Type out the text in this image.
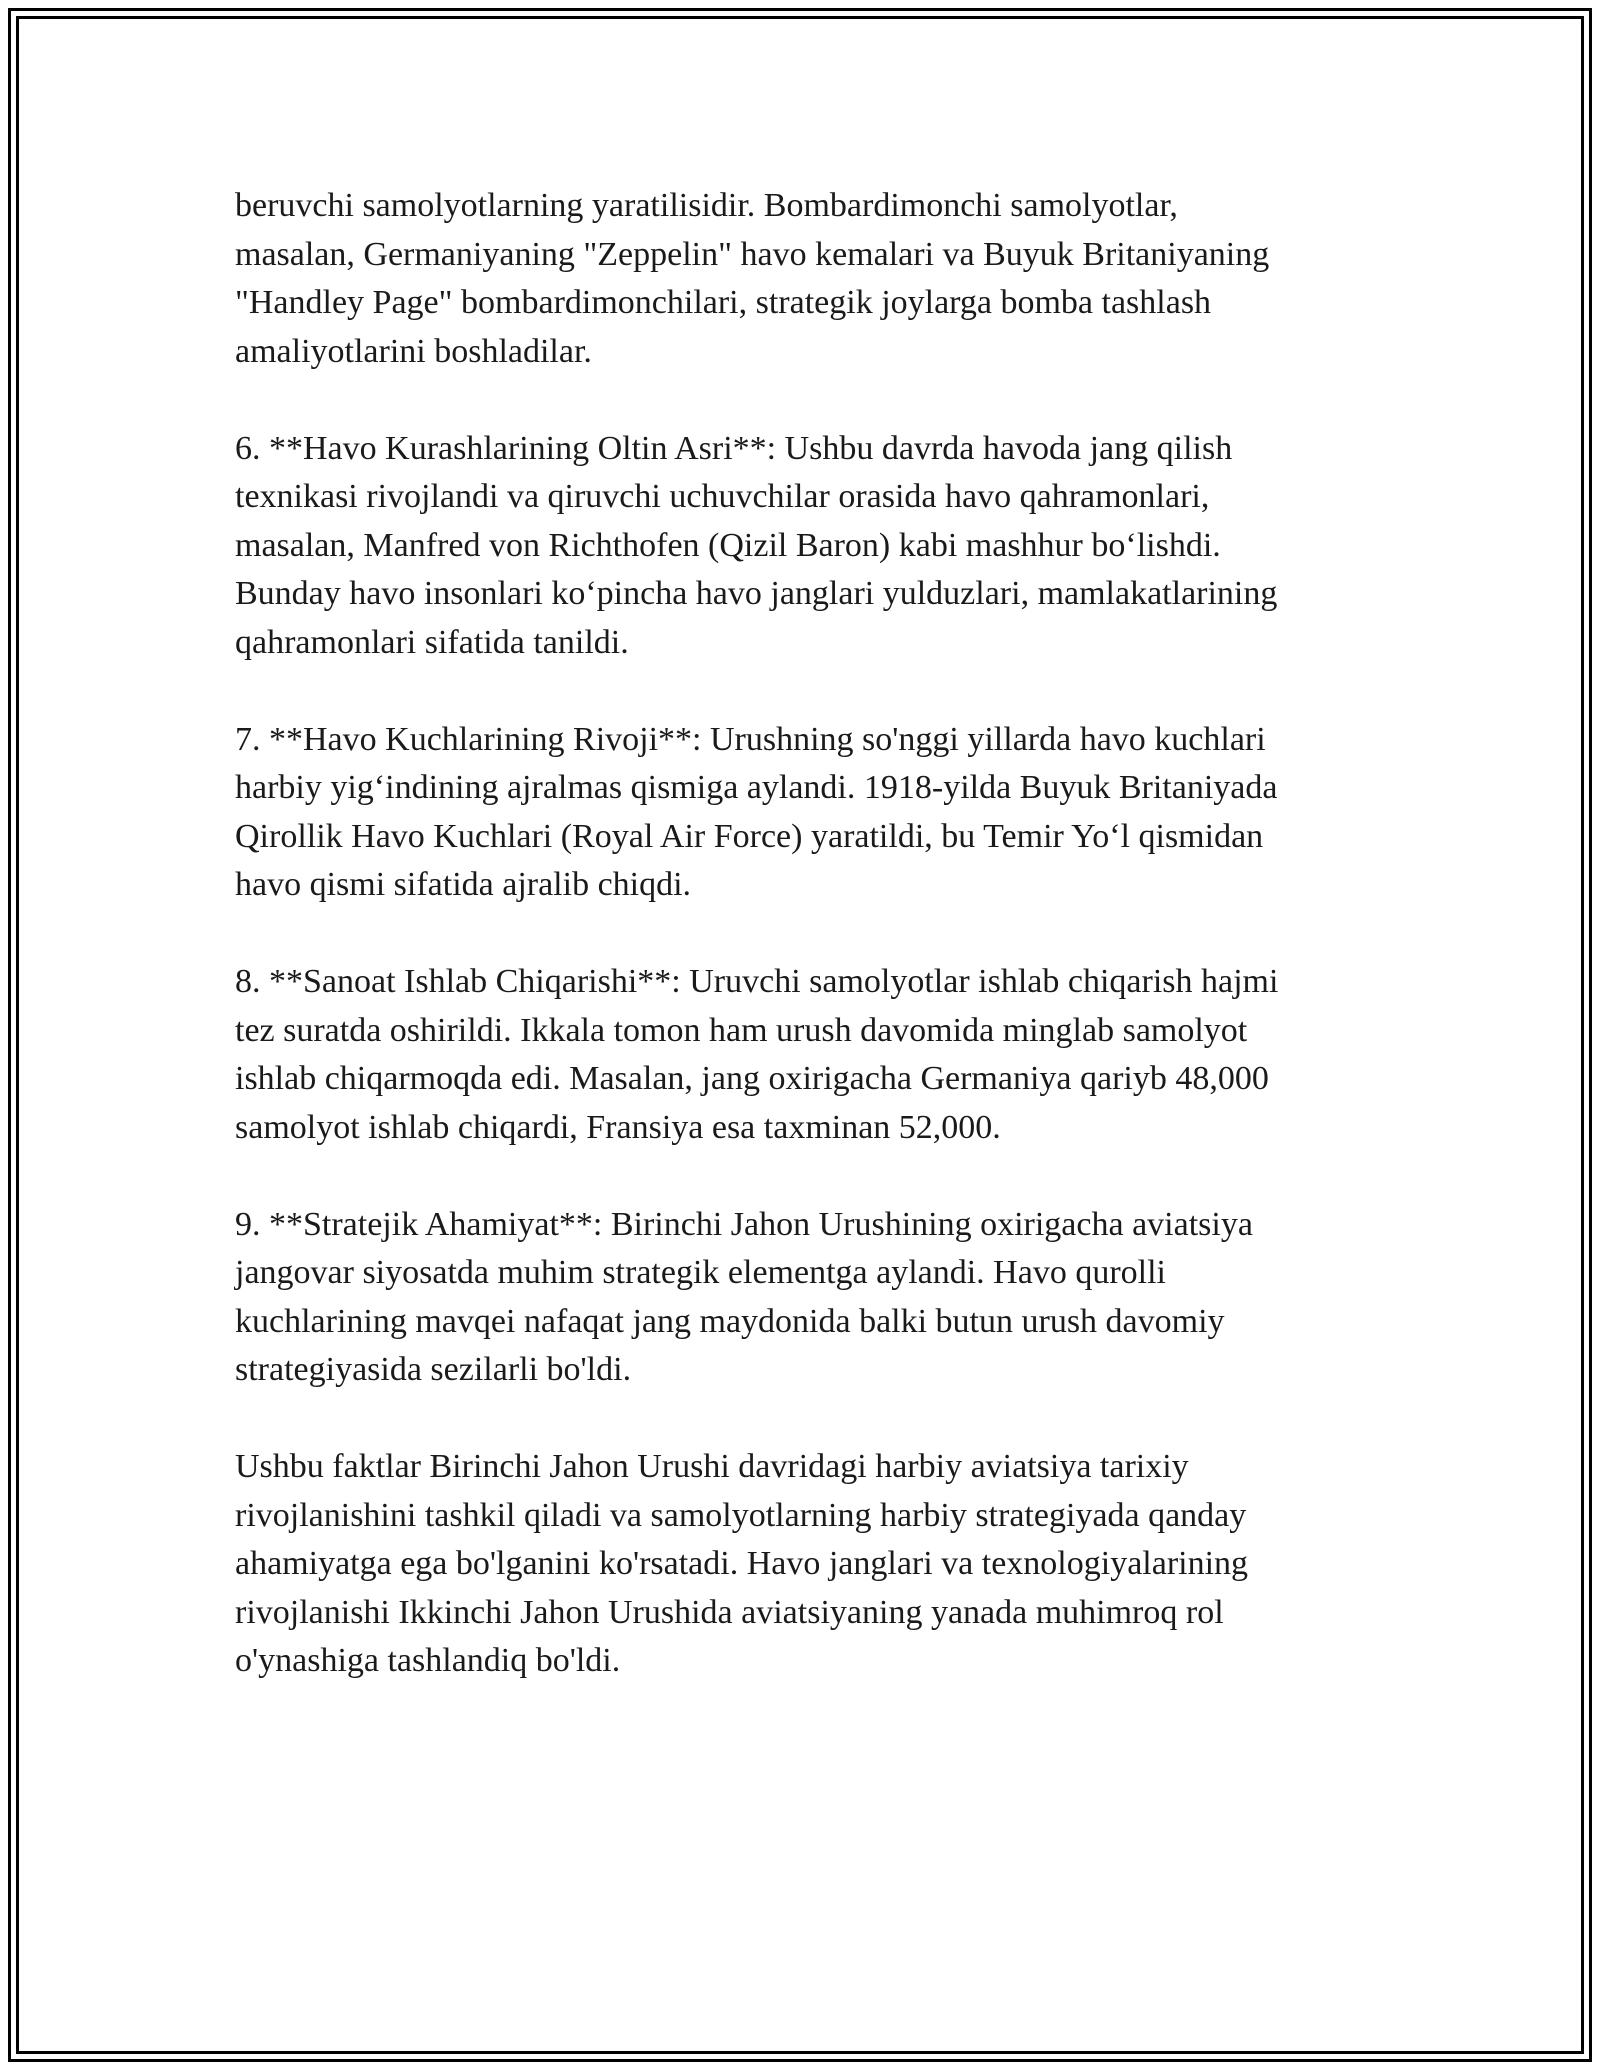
beruvchi samolyotlarning yaratilisidir. Bombardimonchi samolyotlar,
masalan, Germaniyaning "Zeppelin" havo kemalari va Buyuk Britaniyaning
"Handley Page" bombardimonchilari, strategik joylarga bomba tashlash
amaliyotlarini boshladilar.

6. **Havo Kurashlarining Oltin Asri**: Ushbu davrda havoda jang qilish
texnikasi rivojlandi va qiruvchi uchuvchilar orasida havo qahramonlari,
masalan, Manfred von Richthofen (Qizil Baron) kabi mashhur bo‘lishdi.
Bunday havo insonlari ko‘pincha havo janglari yulduzlari, mamlakatlarining
qahramonlari sifatida tanildi.

7. **Havo Kuchlarining Rivoji**: Urushning so'nggi yillarda havo kuchlari
harbiy yig‘indining ajralmas qismiga aylandi. 1918-yilda Buyuk Britaniyada
Qirollik Havo Kuchlari (Royal Air Force) yaratildi, bu Temir Yo‘l qismidan
havo qismi sifatida ajralib chiqdi.

8. **Sanoat Ishlab Chiqarishi**: Uruvchi samolyotlar ishlab chiqarish hajmi
tez suratda oshirildi. Ikkala tomon ham urush davomida minglab samolyot
ishlab chiqarmoqda edi. Masalan, jang oxirigacha Germaniya qariyb 48,000
samolyot ishlab chiqardi, Fransiya esa taxminan 52,000.

9. **Stratejik Ahamiyat**: Birinchi Jahon Urushining oxirigacha aviatsiya
jangovar siyosatda muhim strategik elementga aylandi. Havo qurolli
kuchlarining mavqei nafaqat jang maydonida balki butun urush davomiy
strategiyasida sezilarli bo'ldi.

Ushbu faktlar Birinchi Jahon Urushi davridagi harbiy aviatsiya tarixiy
rivojlanishini tashkil qiladi va samolyotlarning harbiy strategiyada qanday
ahamiyatga ega bo'lganini ko'rsatadi. Havo janglari va texnologiyalarining
rivojlanishi Ikkinchi Jahon Urushida aviatsiyaning yanada muhimroq rol
o'ynashiga tashlandiq bo'ldi.
